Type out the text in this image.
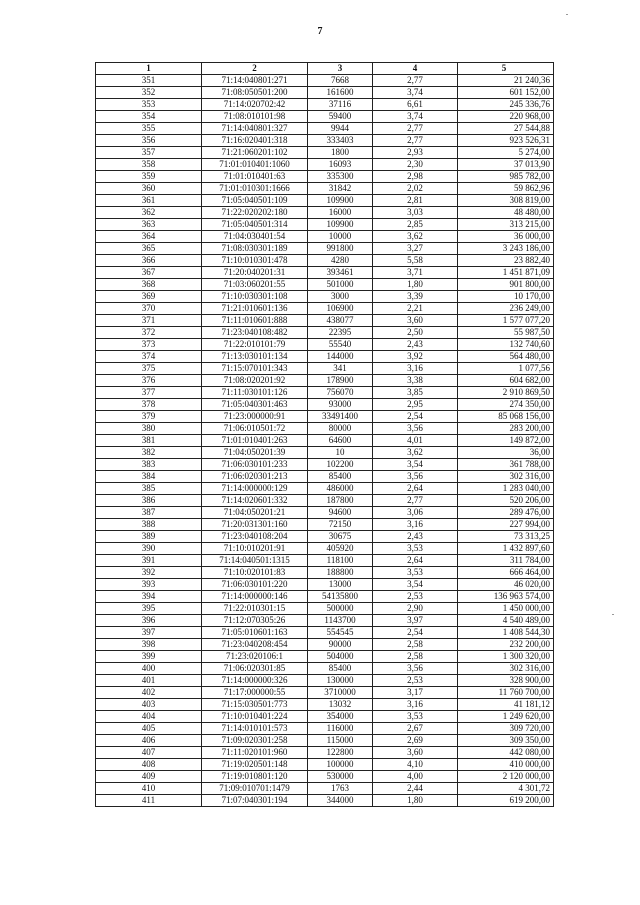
7
1	2	3	4	5
351	71:14:040801:271	7668	2,77	21 240,36
352	71:08:050501:200	161600	3,74	601 152,00
353	71:14:020702:42	37116	6,61	245 336,76
354	71:08:010101:98	59400	3,74	220 968,00
355	71:14:040801:327	9944	2,77	27 544,88
356	71:16:020401:318	333403	2,77	923 526,31
357	71:21:060201:102	1800	2,93	5 274,00
358	71:01:010401:1060	16093	2,30	37 013,90
359	71:01:010401:63	335300	2,98	985 782,00
360	71:01:010301:1666	31842	2,02	59 862,96
361	71:05:040501:109	109900	2,81	308 819,00
362	71:22:020202:180	16000	3,03	48 480,00
363	71:05:040501:314	109900	2,85	313 215,00
364	71:04:030401:54	10000	3,62	36 000,00
365	71:08:030301:189	991800	3,27	3 243 186,00
366	71:10:010301:478	4280	5,58	23 882,40
367	71:20:040201:31	393461	3,71	1 451 871,09
368	71:03:060201:55	501000	1,80	901 800,00
369	71:10:030301:108	3000	3,39	10 170,00
370	71:21:010601:136	106900	2,21	236 249,00
371	71:11:010601:888	438077	3,60	1 577 077,20
372	71:23:040108:482	22395	2,50	55 987,50
373	71:22:010101:79	55540	2,43	132 740,60
374	71:13:030101:134	144000	3,92	564 480,00
375	71:15:070101:343	341	3,16	1 077,56
376	71:08:020201:92	178900	3,38	604 682,00
377	71:11:030101:126	756070	3,85	2 910 869,50
378	71:05:040301:463	93000	2,95	274 350,00
379	71:23:000000:91	33491400	2,54	85 068 156,00
380	71:06:010501:72	80000	3,56	283 200,00
381	71:01:010401:263	64600	4,01	149 872,00
382	71:04:050201:39	10	3,62	36,00
383	71:06:030101:233	102200	3,54	361 788,00
384	71:06:020301:213	85400	3,56	302 316,00
385	71:14:000000:129	486000	2,64	1 283 040,00
386	71:14:020601:332	187800	2,77	520 206,00
387	71:04:050201:21	94600	3,06	289 476,00
388	71:20:031301:160	72150	3,16	227 994,00
389	71:23:040108:204	30675	2,43	73 313,25
390	71:10:010201:91	405920	3,53	1 432 897,60
391	71:14:040501:1315	118100	2,64	311 784,00
392	71:10:020101:83	188800	3,53	666 464,00
393	71:06:030101:220	13000	3,54	46 020,00
394	71:14:000000:146	54135800	2,53	136 963 574,00
395	71:22:010301:15	500000	2,90	1 450 000,00
396	71:12:070305:26	1143700	3,97	4 540 489,00
397	71:05:010601:163	554545	2,54	1 408 544,30
398	71:23:040208:454	90000	2,58	232 200,00
399	71:23:020106:1	504000	2,58	1 300 320,00
400	71:06:020301:85	85400	3,56	302 316,00
401	71:14:000000:326	130000	2,53	328 900,00
402	71:17:000000:55	3710000	3,17	11 760 700,00
403	71:15:030501:773	13032	3,16	41 181,12
404	71:10:010401:224	354000	3,53	1 249 620,00
405	71:14:010101:573	116000	2,67	309 720,00
406	71:09:020301:258	115000	2,69	309 350,00
407	71:11:020101:960	122800	3,60	442 080,00
408	71:19:020501:148	100000	4,10	410 000,00
409	71:19:010801:120	530000	4,00	2 120 000,00
410	71:09:010701:1479	1763	2,44	4 301,72
411	71:07:040301:194	344000	1,80	619 200,00
